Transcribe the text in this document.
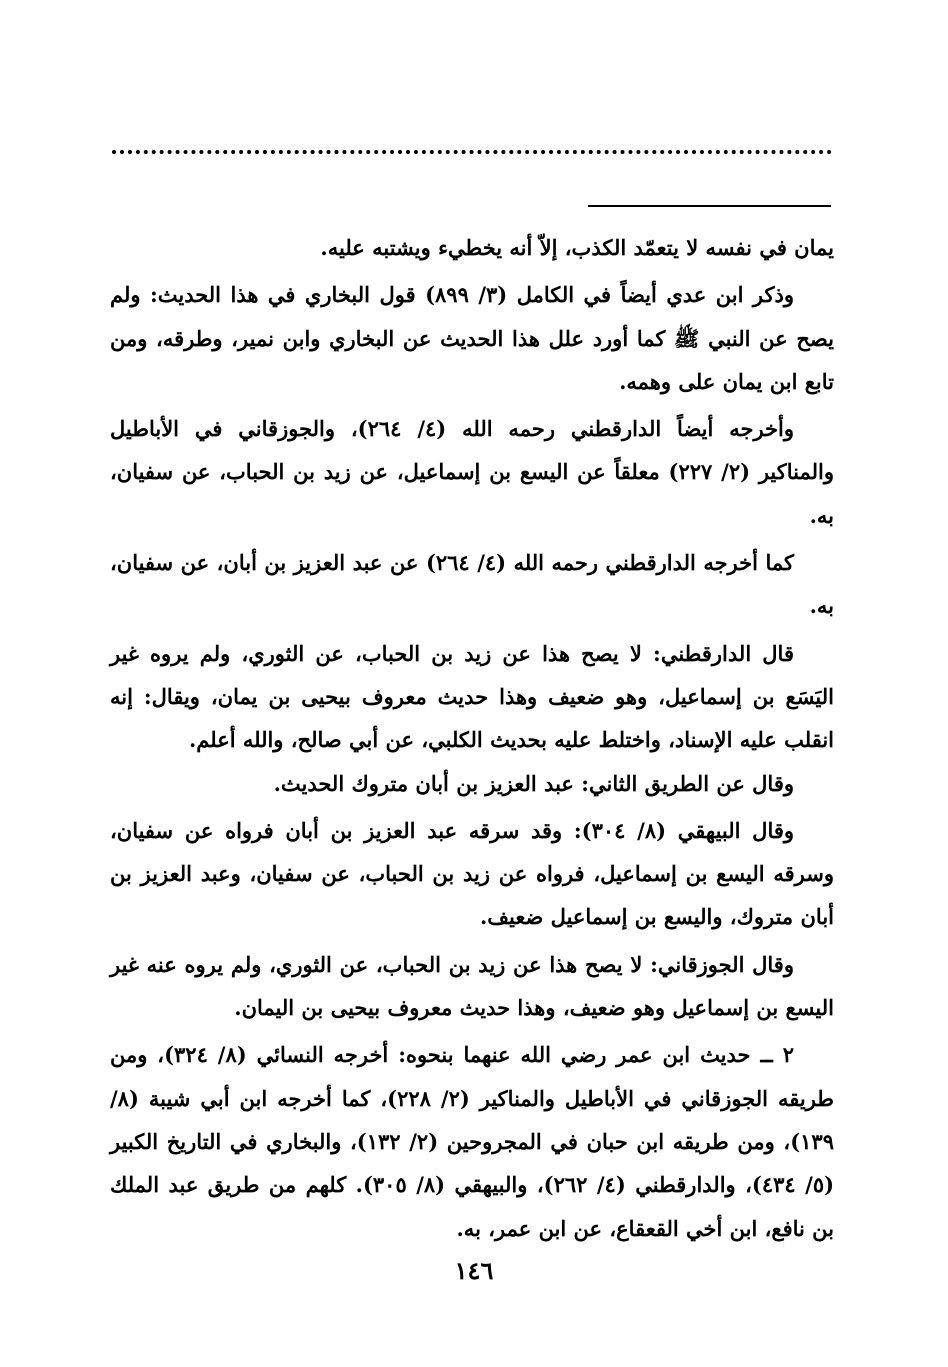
يمان في نفسه لا يتعمّد الكذب، إلاّ أنه يخطيء ويشتبه عليه.

وذكر ابن عدي أيضاً في الكامل (٣/ ٨٩٩) قول البخاري في هذا الحديث: ولم يصح عن النبي ﷺ كما أورد علل هذا الحديث عن البخاري وابن نمير، وطرقه، ومن تابع ابن يمان على وهمه.

وأخرجه أيضاً الدارقطني رحمه الله (٤/ ٢٦٤)، والجوزقاني في الأباطيل والمناكير (٢/ ٢٢٧) معلقاً عن اليسع بن إسماعيل، عن زيد بن الحباب، عن سفيان، به.

كما أخرجه الدارقطني رحمه الله (٤/ ٢٦٤) عن عبد العزيز بن أبان، عن سفيان، به.

قال الدارقطني: لا يصح هذا عن زيد بن الحباب، عن الثوري، ولم يروه غير اليَسَع بن إسماعيل، وهو ضعيف وهذا حديث معروف بيحيى بن يمان، ويقال: إنه انقلب عليه الإسناد، واختلط عليه بحديث الكلبي، عن أبي صالح، والله أعلم.

وقال عن الطريق الثاني: عبد العزيز بن أبان متروك الحديث.

وقال البيهقي (٨/ ٣٠٤): وقد سرقه عبد العزيز بن أبان فرواه عن سفيان، وسرقه اليسع بن إسماعيل، فرواه عن زيد بن الحباب، عن سفيان، وعبد العزيز بن أبان متروك، واليسع بن إسماعيل ضعيف.

وقال الجوزقاني: لا يصح هذا عن زيد بن الحباب، عن الثوري، ولم يروه عنه غير اليسع بن إسماعيل وهو ضعيف، وهذا حديث معروف بيحيى بن اليمان.

٢ ــ حديث ابن عمر رضي الله عنهما بنحوه: أخرجه النسائي (٨/ ٣٢٤)، ومن طريقه الجوزقاني في الأباطيل والمناكير (٢/ ٢٢٨)، كما أخرجه ابن أبي شيبة (٨/ ١٣٩)، ومن طريقه ابن حبان في المجروحين (٢/ ١٣٢)، والبخاري في التاريخ الكبير (٥/ ٤٣٤)، والدارقطني (٤/ ٢٦٢)، والبيهقي (٨/ ٣٠٥). كلهم من طريق عبد الملك بن نافع، ابن أخي القعقاع، عن ابن عمر، به.

١٤٦
